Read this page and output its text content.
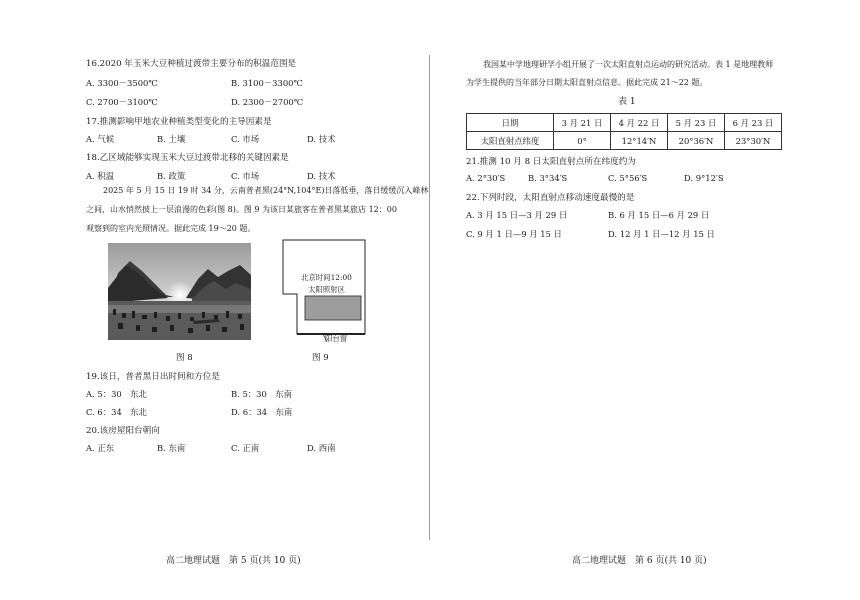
16.2020 年玉米大豆种植过渡带主要分布的积温范围是
A. 3300－3500℃	B. 3100－3300℃
C. 2700－3100℃	D. 2300－2700℃
17.推测影响甲地农业种植类型变化的主导因素是
A. 气候	B. 土壤	C. 市场	D. 技术
18.乙区域能够实现玉米大豆过渡带北移的关键因素是
A. 积温	B. 政策	C. 市场	D. 技术
2025 年 5 月 15 日 19 时 34 分，云南普者黑(24°N,104°E)日落低垂，落日缓缓沉入峰林
之间，山水悄然披上一层浪漫的色彩(图 8)。图 9 为该日某旅客在普者黑某旅店 12：00
观察到的室内光照情况。据此完成 19～20 题。
北京时间12:00
太阳照射区
阳台窗
图 8	图 9
19.该日，普者黑日出时间和方位是
A. 5：30　东北	B. 5：30　东南
C. 6：34　东北	D. 6：34　东南
20.该房屋阳台朝向
A. 正东	B. 东南	C. 正南	D. 西南
高二地理试题　第 5 页(共 10 页)
我国某中学地理研学小组开展了一次太阳直射点运动的研究活动。表 1 是地理教师
为学生提供的当年部分日期太阳直射点信息。据此完成 21～22 题。
表 1
日期	3 月 21 日	4 月 22 日	5 月 23 日	6 月 23 日
太阳直射点纬度	0°	12°14′N	20°36′N	23°30′N
21.推测 10 月 8 日太阳直射点所在纬度约为
A. 2°30′S	B. 3°34′S	C. 5°56′S	D. 9°12′S
22.下列时段，太阳直射点移动速度最慢的是
A. 3 月 15 日—3 月 29 日	B. 6 月 15 日—6 月 29 日
C. 9 月 1 日—9 月 15 日	D. 12 月 1 日—12 月 15 日
高二地理试题　第 6 页(共 10 页)
